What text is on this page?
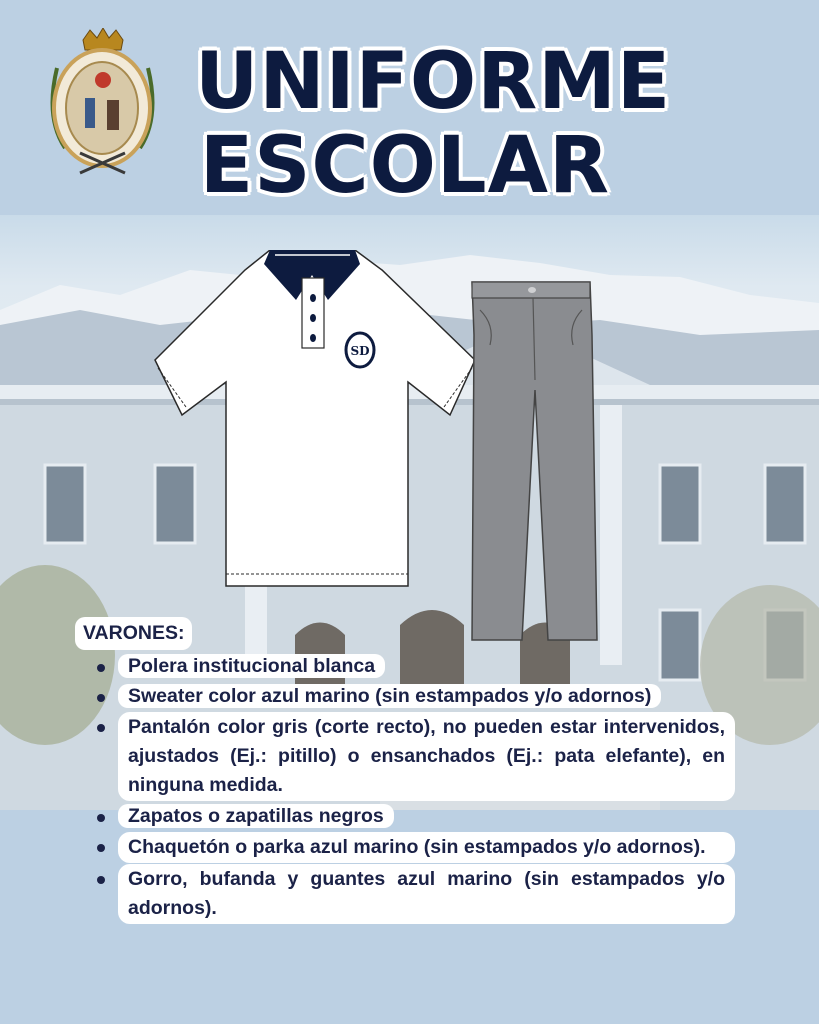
UNIFORME
ESCOLAR
SD
VARONES:
Polera institucional blanca
Sweater color azul marino (sin estampados y/o adornos)
Pantalón color gris (corte recto), no pueden estar intervenidos, ajustados (Ej.: pitillo) o ensanchados (Ej.: pata elefante), en ninguna medida.
Zapatos o zapatillas negros
Chaquetón o parka azul marino (sin estampados y/o adornos).
Gorro, bufanda y guantes azul marino (sin estampados y/o adornos).
